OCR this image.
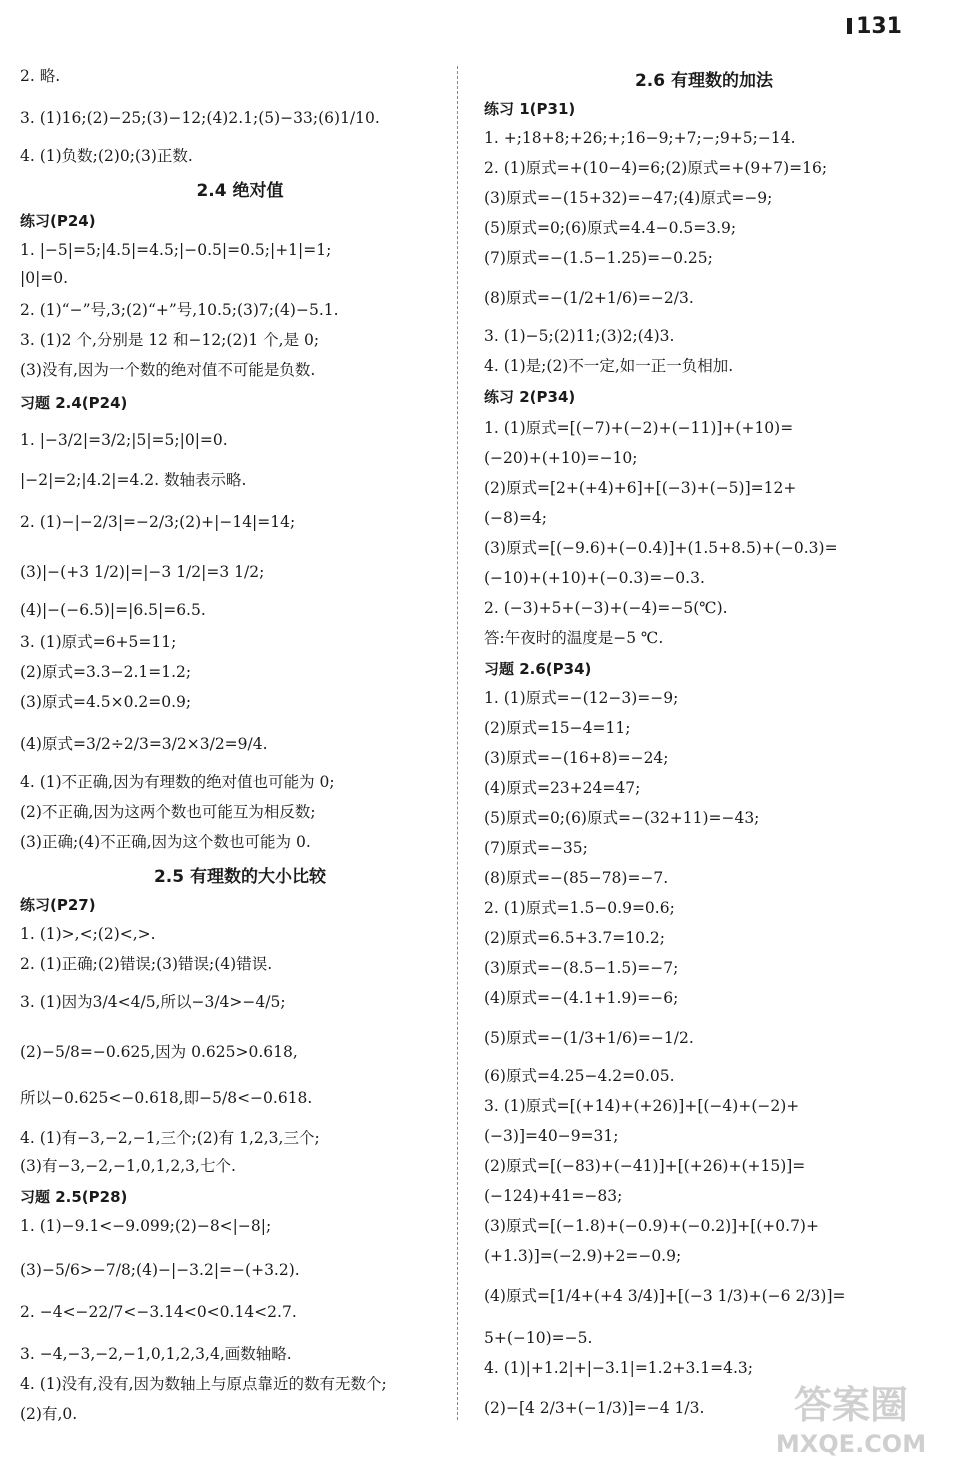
131
2.4 绝对值
2.5 有理数的大小比较
2. 略.
3. (1)16;(2)−25;(3)−12;(4)2.1;(5)−33;(6)1/10.
4. (1)负数;(2)0;(3)正数.
练习(P24)
1. |−5|=5;|4.5|=4.5;|−0.5|=0.5;|+1|=1;
|0|=0.
2. (1)“−”号,3;(2)“+”号,10.5;(3)7;(4)−5.1.
3. (1)2 个,分别是 12 和−12;(2)1 个,是 0;
(3)没有,因为一个数的绝对值不可能是负数.
习题 2.4(P24)
1. |−3/2|=3/2;|5|=5;|0|=0.
|−2|=2;|4.2|=4.2. 数轴表示略.
2. (1)−|−2/3|=−2/3;(2)+|−14|=14;
(3)|−(+3 1/2)|=|−3 1/2|=3 1/2;
(4)|−(−6.5)|=|6.5|=6.5.
3. (1)原式=6+5=11;
(2)原式=3.3−2.1=1.2;
(3)原式=4.5×0.2=0.9;
(4)原式=3/2÷2/3=3/2×3/2=9/4.
4. (1)不正确,因为有理数的绝对值也可能为 0;
(2)不正确,因为这两个数也可能互为相反数;
(3)正确;(4)不正确,因为这个数也可能为 0.
练习(P27)
1. (1)>,<;(2)<,>.
2. (1)正确;(2)错误;(3)错误;(4)错误.
3. (1)因为3/4<4/5,所以−3/4>−4/5;
(2)−5/8=−0.625,因为 0.625>0.618,
所以−0.625<−0.618,即−5/8<−0.618.
4. (1)有−3,−2,−1,三个;(2)有 1,2,3,三个;
(3)有−3,−2,−1,0,1,2,3,七个.
习题 2.5(P28)
1. (1)−9.1<−9.099;(2)−8<|−8|;
(3)−5/6>−7/8;(4)−|−3.2|=−(+3.2).
2. −4<−22/7<−3.14<0<0.14<2.7.
3. −4,−3,−2,−1,0,1,2,3,4,画数轴略.
4. (1)没有,没有,因为数轴上与原点靠近的数有无数个;
(2)有,0.
2.6 有理数的加法
练习 1(P31)
1. +;18+8;+26;+;16−9;+7;−;9+5;−14.
2. (1)原式=+(10−4)=6;(2)原式=+(9+7)=16;
(3)原式=−(15+32)=−47;(4)原式=−9;
(5)原式=0;(6)原式=4.4−0.5=3.9;
(7)原式=−(1.5−1.25)=−0.25;
(8)原式=−(1/2+1/6)=−2/3.
3. (1)−5;(2)11;(3)2;(4)3.
4. (1)是;(2)不一定,如一正一负相加.
练习 2(P34)
1. (1)原式=[(−7)+(−2)+(−11)]+(+10)=
(−20)+(+10)=−10;
(2)原式=[2+(+4)+6]+[(−3)+(−5)]=12+
(−8)=4;
(3)原式=[(−9.6)+(−0.4)]+(1.5+8.5)+(−0.3)=
(−10)+(+10)+(−0.3)=−0.3.
2. (−3)+5+(−3)+(−4)=−5(℃).
答:午夜时的温度是−5 ℃.
习题 2.6(P34)
1. (1)原式=−(12−3)=−9;
(2)原式=15−4=11;
(3)原式=−(16+8)=−24;
(4)原式=23+24=47;
(5)原式=0;(6)原式=−(32+11)=−43;
(7)原式=−35;
(8)原式=−(85−78)=−7.
2. (1)原式=1.5−0.9=0.6;
(2)原式=6.5+3.7=10.2;
(3)原式=−(8.5−1.5)=−7;
(4)原式=−(4.1+1.9)=−6;
(5)原式=−(1/3+1/6)=−1/2.
(6)原式=4.25−4.2=0.05.
3. (1)原式=[(+14)+(+26)]+[(−4)+(−2)+
(−3)]=40−9=31;
(2)原式=[(−83)+(−41)]+[(+26)+(+15)]=
(−124)+41=−83;
(3)原式=[(−1.8)+(−0.9)+(−0.2)]+[(+0.7)+
(+1.3)]=(−2.9)+2=−0.9;
(4)原式=[1/4+(+4 3/4)]+[(−3 1/3)+(−6 2/3)]=
5+(−10)=−5.
4. (1)|+1.2|+|−3.1|=1.2+3.1=4.3;
(2)−[4 2/3+(−1/3)]=−4 1/3. 答案圈
MXQE.COM
